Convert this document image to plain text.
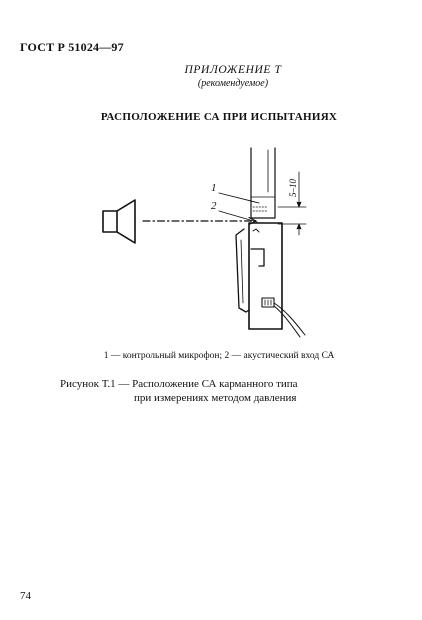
ГОСТ Р 51024—97
ПРИЛОЖЕНИЕ Т
(рекомендуемое)
РАСПОЛОЖЕНИЕ СА ПРИ ИСПЫТАНИЯХ
1
2
5–10
1 — контрольный микрофон; 2 — акустический вход СА
Рисунок Т.1 — Расположение СА карманного типа
при измерениях методом давления
74
